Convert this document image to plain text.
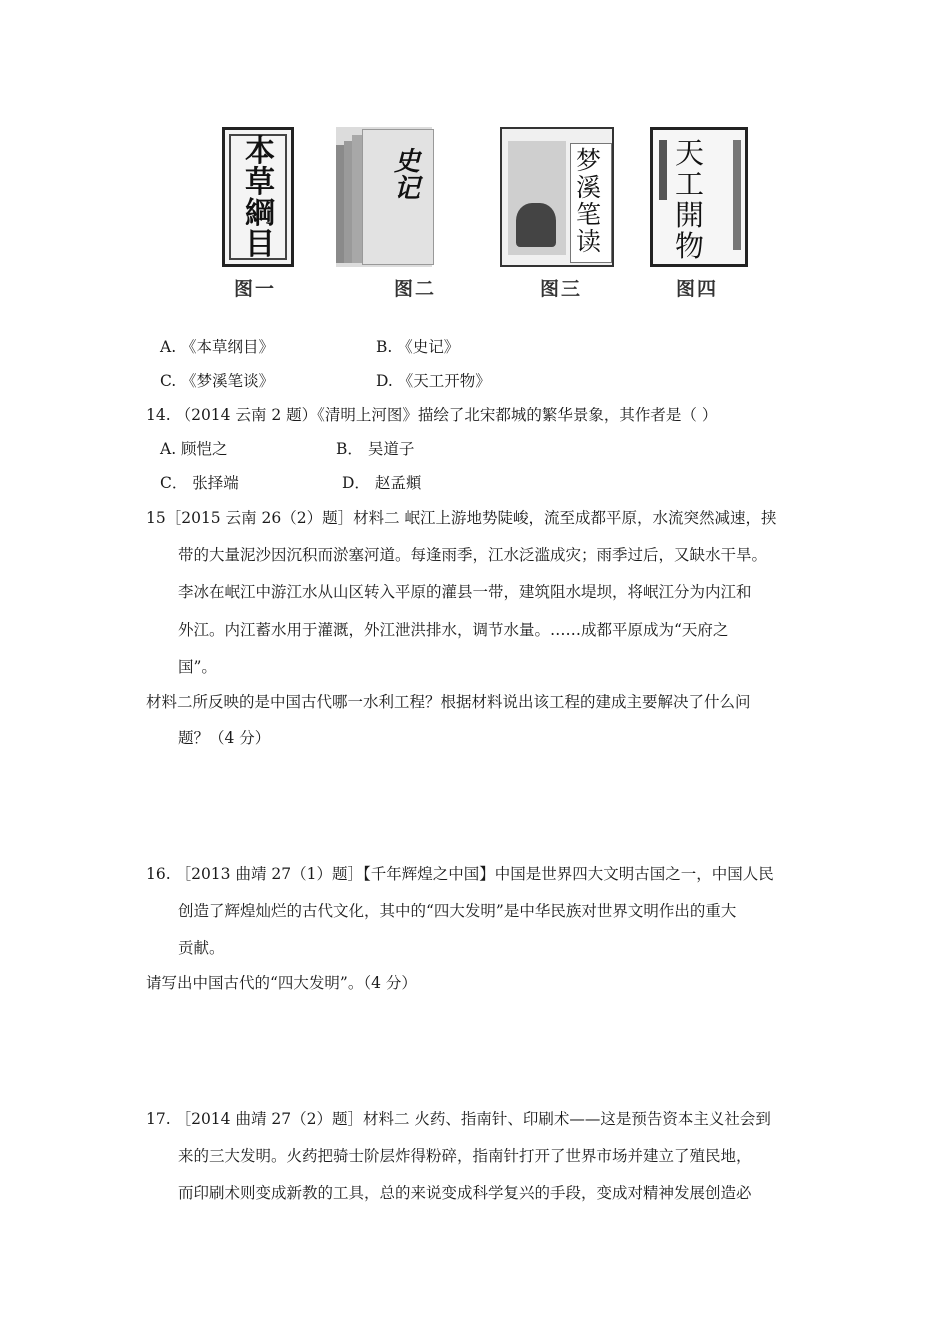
本草綱目
图一
史记
图二
梦溪笔读
图三
天工開物
图四
A. 《本草纲目》	B. 《史记》
C. 《梦溪笔谈》	D. 《天工开物》
14. （2014 云南 2 题）《清明上河图》描绘了北宋都城的繁华景象，其作者是（ ）
A. 顾恺之	B． 吴道子
C． 张择端	D． 赵孟頫
15［2015 云南 26（2）题］材料二 岷江上游地势陡峻，流至成都平原，水流突然减速，挟
带的大量泥沙因沉积而淤塞河道。每逢雨季，江水泛滥成灾；雨季过后，又缺水干旱。
李冰在岷江中游江水从山区转入平原的灌县一带，建筑阻水堤坝，将岷江分为内江和
外江。内江蓄水用于灌溉，外江泄洪排水，调节水量。……成都平原成为“天府之
国”。
材料二所反映的是中国古代哪一水利工程？根据材料说出该工程的建成主要解决了什么问
题？（4 分）
16. ［2013 曲靖 27（1）题］【千年辉煌之中国】中国是世界四大文明古国之一，中国人民
创造了辉煌灿烂的古代文化，其中的“四大发明”是中华民族对世界文明作出的重大
贡献。
请写出中国古代的“四大发明”。（4 分）
17. ［2014 曲靖 27（2）题］材料二 火药、指南针、印刷术——这是预告资本主义社会到
来的三大发明。火药把骑士阶层炸得粉碎，指南针打开了世界市场并建立了殖民地，
而印刷术则变成新教的工具，总的来说变成科学复兴的手段，变成对精神发展创造必
